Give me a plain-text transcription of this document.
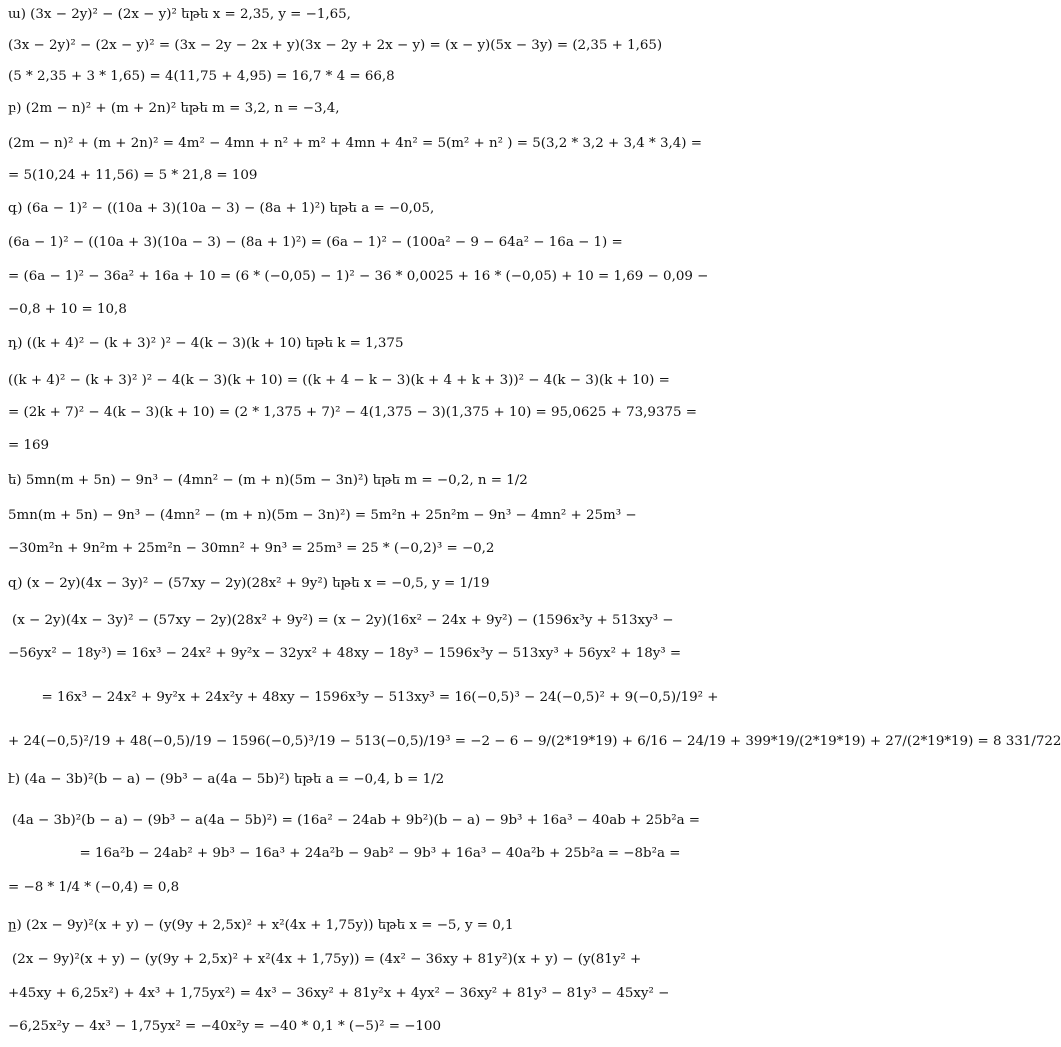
ա) (3x − 2y)² − (2x − y)² եթե x = 2,35, y = −1,65,
(3x − 2y)² − (2x − y)² = (3x − 2y − 2x + y)(3x − 2y + 2x − y) = (x − y)(5x − 3y) = (2,35 + 1,65)
(5 * 2,35 + 3 * 1,65) = 4(11,75 + 4,95) = 16,7 * 4 = 66,8
բ) (2m − n)² + (m + 2n)² եթե m = 3,2, n = −3,4,
(2m − n)² + (m + 2n)² = 4m² − 4mn + n² + m² + 4mn + 4n² = 5(m² + n² ) = 5(3,2 * 3,2 + 3,4 * 3,4) =
= 5(10,24 + 11,56) = 5 * 21,8 = 109
գ) (6a − 1)² − ((10a + 3)(10a − 3) − (8a + 1)²) եթե a = −0,05,
(6a − 1)² − ((10a + 3)(10a − 3) − (8a + 1)²) = (6a − 1)² − (100a² − 9 − 64a² − 16a − 1) =
= (6a − 1)² − 36a² + 16a + 10 = (6 * (−0,05) − 1)² − 36 * 0,0025 + 16 * (−0,05) + 10 = 1,69 − 0,09 −
−0,8 + 10 = 10,8
դ) ((k + 4)² − (k + 3)² )² − 4(k − 3)(k + 10) եթե k = 1,375
((k + 4)² − (k + 3)² )² − 4(k − 3)(k + 10) = ((k + 4 − k − 3)(k + 4 + k + 3))² − 4(k − 3)(k + 10) =
= (2k + 7)² − 4(k − 3)(k + 10) = (2 * 1,375 + 7)² − 4(1,375 − 3)(1,375 + 10) = 95,0625 + 73,9375 =
= 169
ե) 5mn(m + 5n) − 9n³ − (4mn² − (m + n)(5m − 3n)²) եթե m = −0,2, n = 1/2
5mn(m + 5n) − 9n³ − (4mn² − (m + n)(5m − 3n)²) = 5m²n + 25n²m − 9n³ − 4mn² + 25m³ −
−30m²n + 9n²m + 25m²n − 30mn² + 9n³ = 25m³ = 25 * (−0,2)³ = −0,2
զ) (x − 2y)(4x − 3y)² − (57xy − 2y)(28x² + 9y²) եթե x = −0,5, y = 1/19
(x − 2y)(4x − 3y)² − (57xy − 2y)(28x² + 9y²) = (x − 2y)(16x² − 24x + 9y²) − (1596x³y + 513xy³ −
−56yx² − 18y³) = 16x³ − 24x² + 9y²x − 32yx² + 48xy − 18y³ − 1596x³y − 513xy³ + 56yx² + 18y³ =
= 16x³ − 24x² + 9y²x + 24x²y + 48xy − 1596x³y − 513xy³ = 16(−0,5)³ − 24(−0,5)² + 9(−0,5)/19² +
+ 24(−0,5)²/19 + 48(−0,5)/19 − 1596(−0,5)³/19 − 513(−0,5)/19³ = −2 − 6 − 9/(2*19*19) + 6/16 − 24/19 + 399*19/(2*19*19) + 27/(2*19*19) = 8 331/722
է) (4a − 3b)²(b − a) − (9b³ − a(4a − 5b)²) եթե a = −0,4, b = 1/2
(4a − 3b)²(b − a) − (9b³ − a(4a − 5b)²) = (16a² − 24ab + 9b²)(b − a) − 9b³ + 16a³ − 40ab + 25b²a =
= 16a²b − 24ab² + 9b³ − 16a³ + 24a²b − 9ab² − 9b³ + 16a³ − 40a²b + 25b²a = −8b²a =
= −8 * 1/4 * (−0,4) = 0,8
ը) (2x − 9y)²(x + y) − (y(9y + 2,5x)² + x²(4x + 1,75y)) եթե x = −5, y = 0,1
(2x − 9y)²(x + y) − (y(9y + 2,5x)² + x²(4x + 1,75y)) = (4x² − 36xy + 81y²)(x + y) − (y(81y² +
+45xy + 6,25x²) + 4x³ + 1,75yx²) = 4x³ − 36xy² + 81y²x + 4yx² − 36xy² + 81y³ − 81y³ − 45xy² −
−6,25x²y − 4x³ − 1,75yx² = −40x²y = −40 * 0,1 * (−5)² = −100
